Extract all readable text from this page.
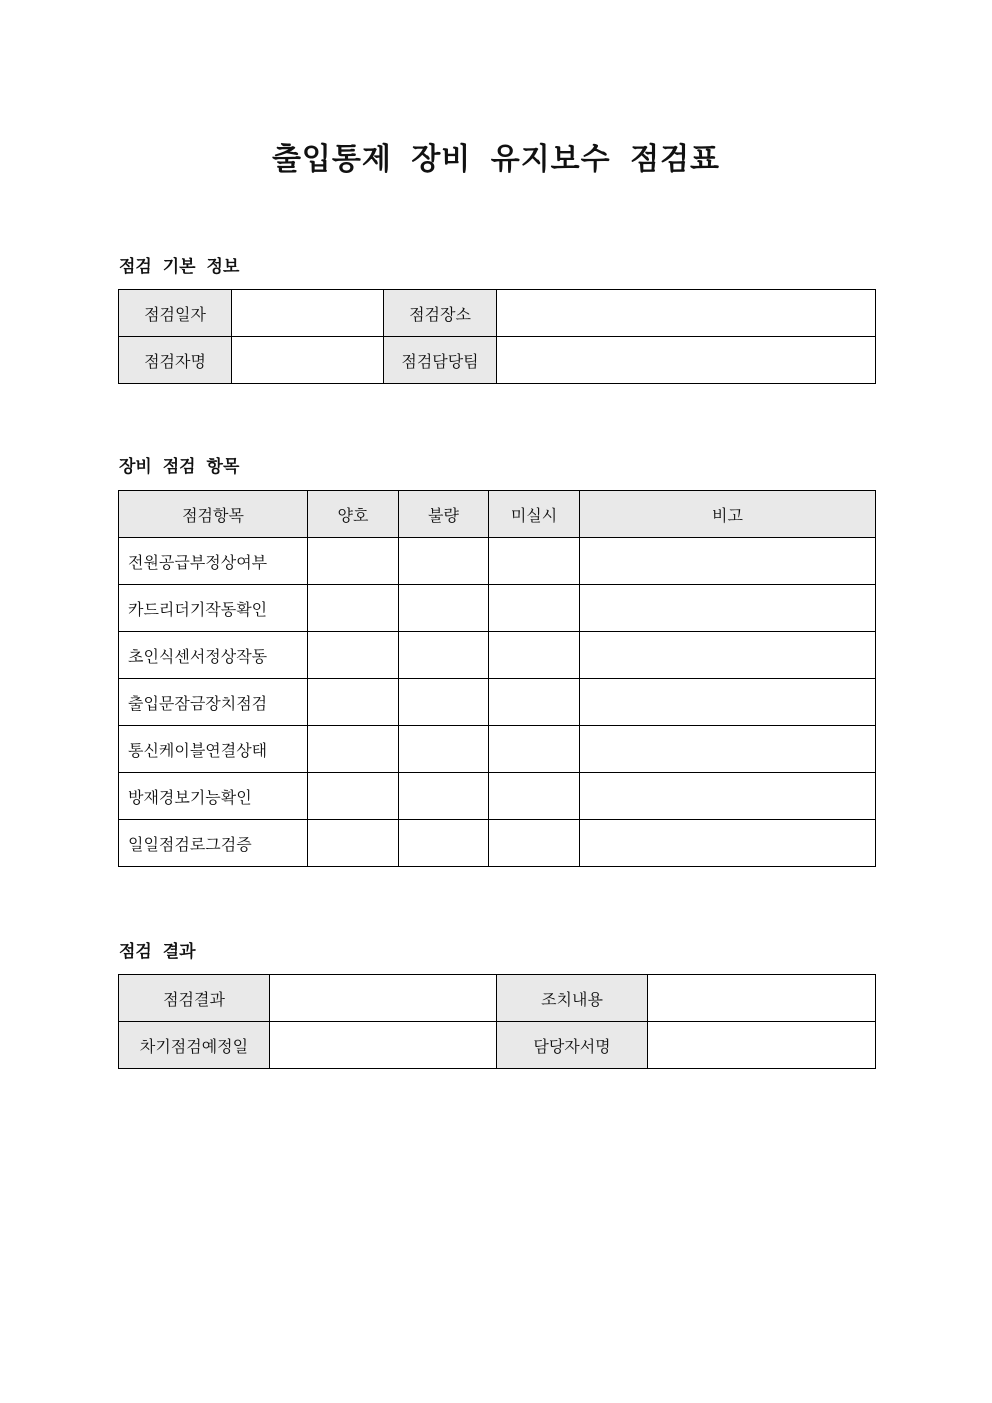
출입통제 장비 유지보수 점검표
점검 기본 정보
점검일자		점검장소	
점검자명		점검담당팀	
장비 점검 항목
점검항목	양호	불량	미실시	비고
전원공급부정상여부				
카드리더기작동확인				
초인식센서정상작동				
출입문잠금장치점검				
통신케이블연결상태				
방재경보기능확인				
일일점검로그검증				
점검 결과
점검결과		조치내용	
차기점검예정일		담당자서명	
